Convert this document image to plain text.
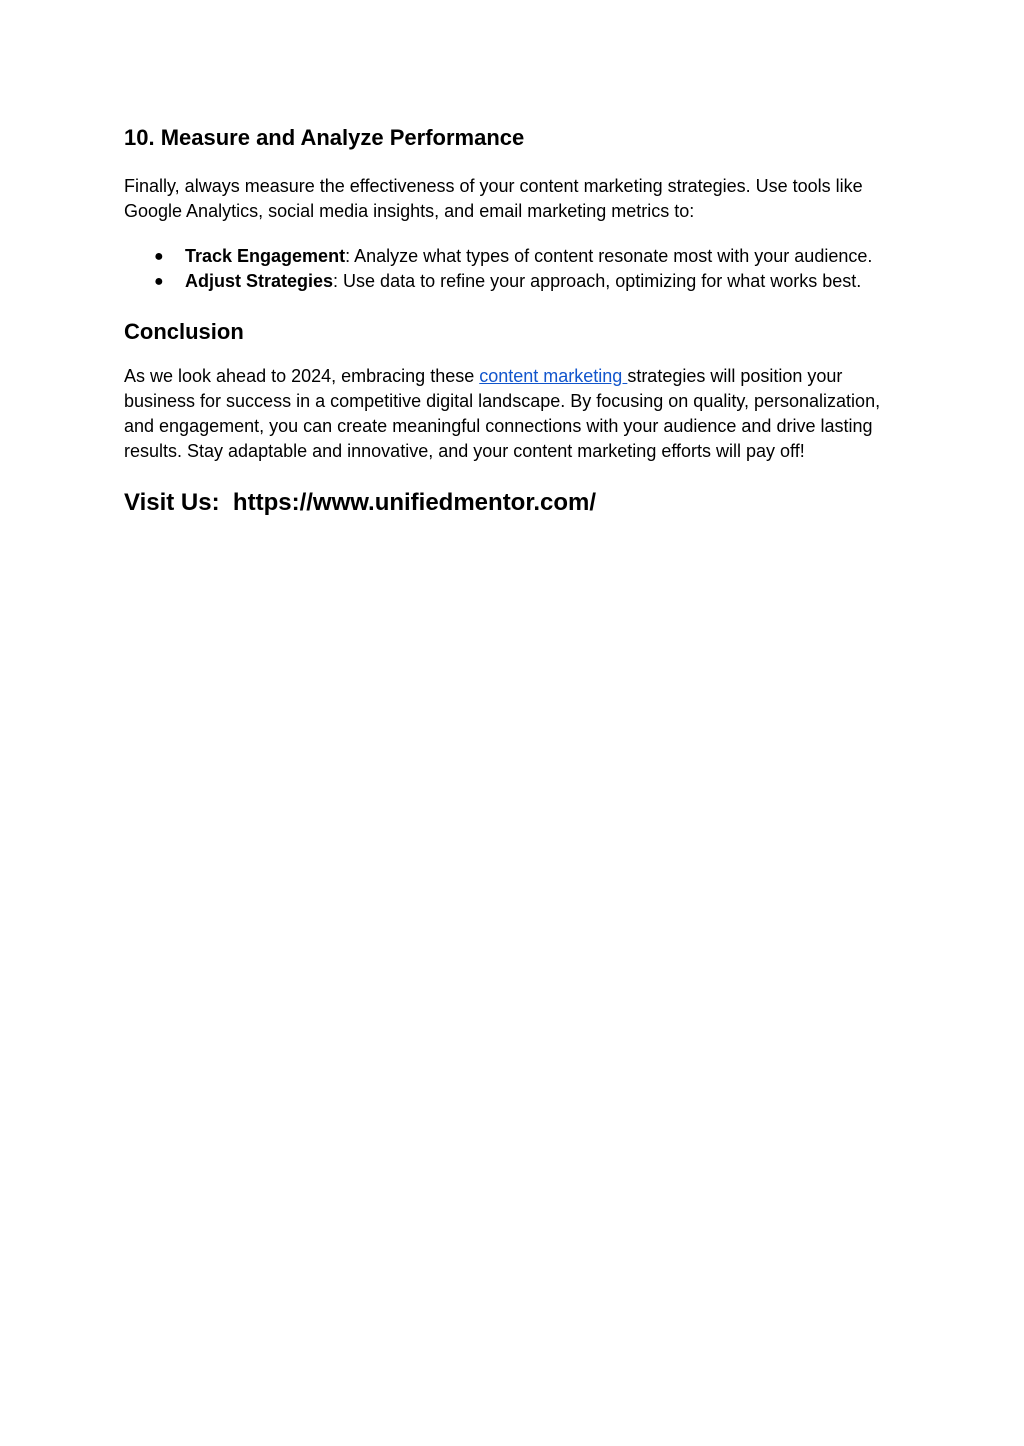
10. Measure and Analyze Performance

Finally, always measure the effectiveness of your content marketing strategies. Use tools like Google Analytics, social media insights, and email marketing metrics to:

● Track Engagement: Analyze what types of content resonate most with your audience.
● Adjust Strategies: Use data to refine your approach, optimizing for what works best.
Conclusion

As we look ahead to 2024, embracing these content marketing strategies will position your business for success in a competitive digital landscape. By focusing on quality, personalization, and engagement, you can create meaningful connections with your audience and drive lasting results. Stay adaptable and innovative, and your content marketing efforts will pay off!

Visit Us:  https://www.unifiedmentor.com/
